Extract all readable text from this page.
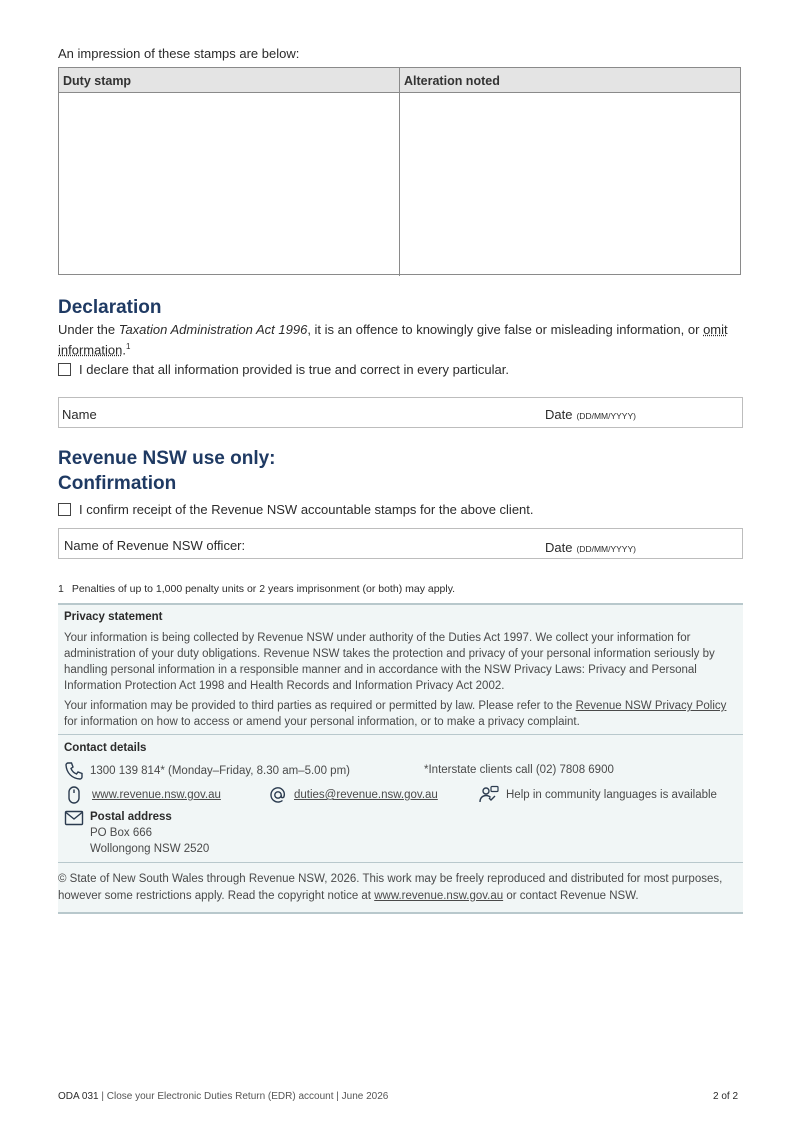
An impression of these stamps are below:
Duty stamp	Alteration noted
Declaration
Under the Taxation Administration Act 1996, it is an offence to knowingly give false or misleading information, or omit information.$^1$
I declare that all information provided is true and correct in every particular.
Name	Date (DD/MM/YYYY)
Revenue NSW use only:
Confirmation
I confirm receipt of the Revenue NSW accountable stamps for the above client.
Name of Revenue NSW officer:	Date (DD/MM/YYYY)
1 Penalties of up to 1,000 penalty units or 2 years imprisonment (or both) may apply.
Privacy statement
Your information is being collected by Revenue NSW under authority of the Duties Act 1997. We collect your information for administration of your duty obligations. Revenue NSW takes the protection and privacy of your personal information seriously by handling personal information in a responsible manner and in accordance with the NSW Privacy Laws: Privacy and Personal Information Protection Act 1998 and Health Records and Information Privacy Act 2002.
Your information may be provided to third parties as required or permitted by law. Please refer to the Revenue NSW Privacy Policy for information on how to access or amend your personal information, or to make a privacy complaint.
Contact details
1300 139 814* (Monday–Friday, 8.30 am–5.00 pm)	*Interstate clients call (02) 7808 6900
www.revenue.nsw.gov.au	duties@revenue.nsw.gov.au	Help in community languages is available
Postal address
PO Box 666
Wollongong NSW 2520
© State of New South Wales through Revenue NSW, 2026. This work may be freely reproduced and distributed for most purposes, however some restrictions apply. Read the copyright notice at www.revenue.nsw.gov.au or contact Revenue NSW.
ODA 031 | Close your Electronic Duties Return (EDR) account | June 2026	2 of 2
